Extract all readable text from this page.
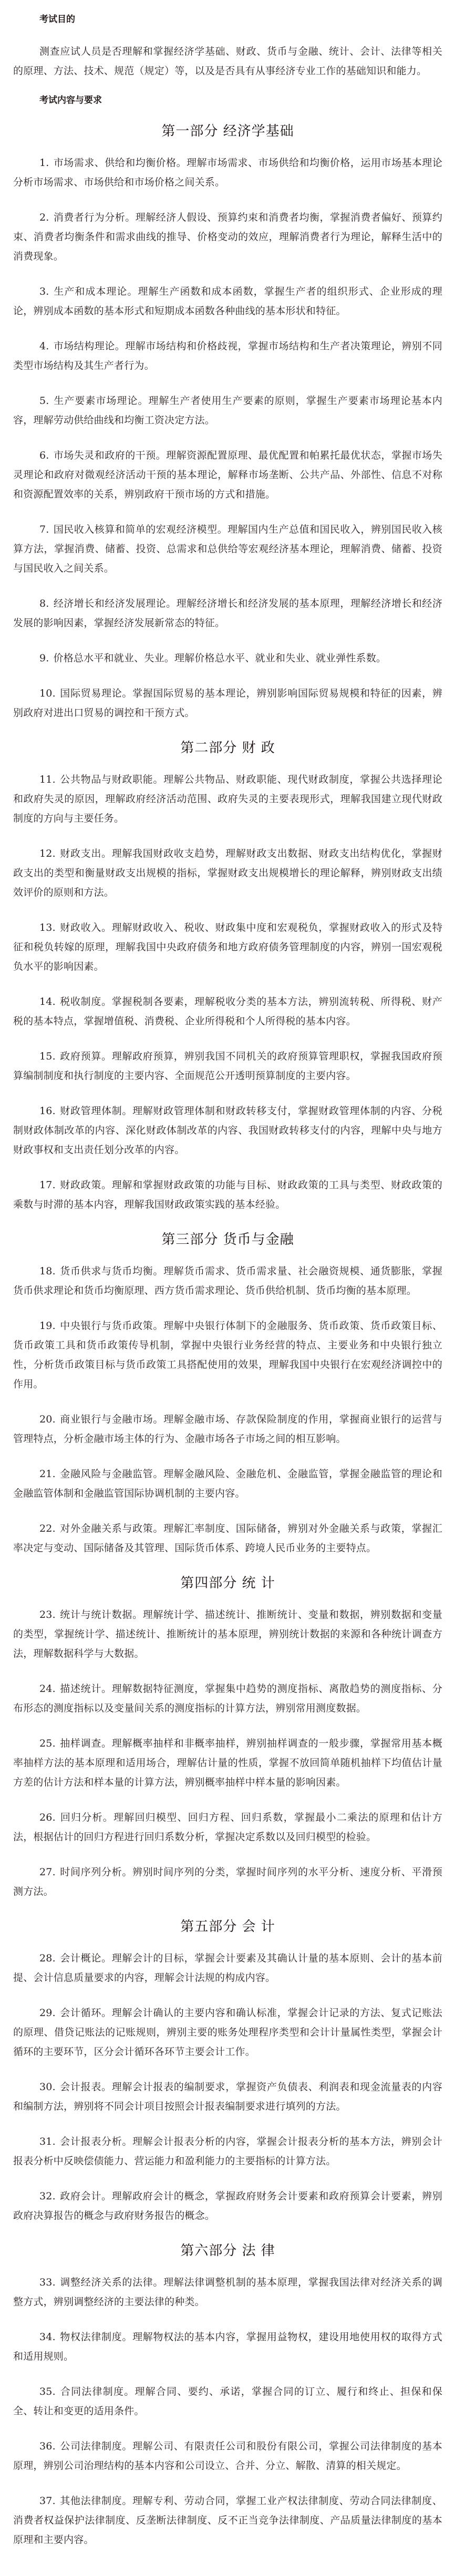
考试目的

测查应试人员是否理解和掌握经济学基础、财政、货币与金融、统计、会计、法律等相关的原理、方法、技术、规范（规定）等，以及是否具有从事经济专业工作的基础知识和能力。

考试内容与要求
第一部分 经济学基础

1. 市场需求、供给和均衡价格。理解市场需求、市场供给和均衡价格，运用市场基本理论分析市场需求、市场供给和市场价格之间关系。

2. 消费者行为分析。理解经济人假设、预算约束和消费者均衡，掌握消费者偏好、预算约束、消费者均衡条件和需求曲线的推导、价格变动的效应，理解消费者行为理论，解释生活中的消费现象。

3. 生产和成本理论。理解生产函数和成本函数，掌握生产者的组织形式、企业形成的理论，辨别成本函数的基本形式和短期成本函数各种曲线的基本形状和特征。

4. 市场结构理论。理解市场结构和价格歧视，掌握市场结构和生产者决策理论，辨别不同类型市场结构及其生产者行为。

5. 生产要素市场理论。理解生产者使用生产要素的原则，掌握生产要素市场理论基本内容，理解劳动供给曲线和均衡工资决定方法。

6. 市场失灵和政府的干预。理解资源配置原理、最优配置和帕累托最优状态，掌握市场失灵理论和政府对微观经济活动干预的基本理论，解释市场垄断、公共产品、外部性、信息不对称和资源配置效率的关系，辨别政府干预市场的方式和措施。

7. 国民收入核算和简单的宏观经济模型。理解国内生产总值和国民收入，辨别国民收入核算方法，掌握消费、储蓄、投资、总需求和总供给等宏观经济基本理论，理解消费、储蓄、投资与国民收入之间关系。

8. 经济增长和经济发展理论。理解经济增长和经济发展的基本原理，理解经济增长和经济发展的影响因素，掌握经济发展新常态的特征。

9. 价格总水平和就业、失业。理解价格总水平、就业和失业、就业弹性系数。

10. 国际贸易理论。掌握国际贸易的基本理论，辨别影响国际贸易规模和特征的因素，辨别政府对进出口贸易的调控和干预方式。

第二部分 财 政

11. 公共物品与财政职能。理解公共物品、财政职能、现代财政制度，掌握公共选择理论和政府失灵的原因，理解政府经济活动范围、政府失灵的主要表现形式，理解我国建立现代财政制度的方向与主要任务。

12. 财政支出。理解我国财政收支趋势，理解财政支出数据、财政支出结构优化，掌握财政支出的类型和衡量财政支出规模的指标，掌握财政支出规模增长的理论解释，辨别财政支出绩效评价的原则和方法。

13. 财政收入。理解财政收入、税收、财政集中度和宏观税负，掌握财政收入的形式及特征和税负转嫁的原理，理解我国中央政府债务和地方政府债务管理制度的内容，辨别一国宏观税负水平的影响因素。

14. 税收制度。掌握税制各要素，理解税收分类的基本方法，辨别流转税、所得税、财产税的基本特点，掌握增值税、消费税、企业所得税和个人所得税的基本内容。

15. 政府预算。理解政府预算，辨别我国不同机关的政府预算管理职权，掌握我国政府预算编制制度和执行制度的主要内容、全面规范公开透明预算制度的主要内容。

16. 财政管理体制。理解财政管理体制和财政转移支付，掌握财政管理体制的内容、分税制财政体制改革的内容、深化财政体制改革的内容、我国财政转移支付的内容，理解中央与地方财政事权和支出责任划分改革的内容。

17. 财政政策。理解和掌握财政政策的功能与目标、财政政策的工具与类型、财政政策的乘数与时滞的基本内容，理解我国财政政策实践的基本经验。

第三部分 货币与金融

18. 货币供求与货币均衡。理解货币需求、货币需求量、社会融资规模、通货膨胀，掌握货币供求理论和货币均衡原理、西方货币需求理论、货币供给机制、货币均衡的基本原理。

19. 中央银行与货币政策。理解中央银行体制下的金融服务、货币政策、货币政策目标、货币政策工具和货币政策传导机制，掌握中央银行业务经营的特点、主要业务和中央银行独立性，分析货币政策目标与货币政策工具搭配使用的效果，理解我国中央银行在宏观经济调控中的作用。

20. 商业银行与金融市场。理解金融市场、存款保险制度的作用，掌握商业银行的运营与管理特点，分析金融市场主体的行为、金融市场各子市场之间的相互影响。

21. 金融风险与金融监管。理解金融风险、金融危机、金融监管，掌握金融监管的理论和金融监管体制和金融监管国际协调机制的主要内容。

22. 对外金融关系与政策。理解汇率制度、国际储备，辨别对外金融关系与政策，掌握汇率决定与变动、国际储备及其管理、国际货币体系、跨境人民币业务的主要特点。

第四部分 统 计

23. 统计与统计数据。理解统计学、描述统计、推断统计、变量和数据，辨别数据和变量的类型，掌握统计学、描述统计、推断统计的基本原理，辨别统计数据的来源和各种统计调查方法，理解数据科学与大数据。

24. 描述统计。理解数据特征测度，掌握集中趋势的测度指标、离散趋势的测度指标、分布形态的测度指标以及变量间关系的测度指标的计算方法，辨别常用测度数据。

25. 抽样调查。理解概率抽样和非概率抽样，辨别抽样调查的一般步骤，掌握常用基本概率抽样方法的基本原理和适用场合，理解估计量的性质，掌握不放回简单随机抽样下均值估计量方差的估计方法和样本量的计算方法，辨别概率抽样中样本量的影响因素。

26. 回归分析。理解回归模型、回归方程、回归系数，掌握最小二乘法的原理和估计方法，根据估计的回归方程进行回归系数分析，掌握决定系数以及回归模型的检验。

27. 时间序列分析。辨别时间序列的分类，掌握时间序列的水平分析、速度分析、平滑预测方法。

第五部分 会 计

28. 会计概论。理解会计的目标，掌握会计要素及其确认计量的基本原则、会计的基本前提、会计信息质量要求的内容，理解会计法规的构成内容。

29. 会计循环。理解会计确认的主要内容和确认标准，掌握会计记录的方法、复式记账法的原理、借贷记账法的记账规则，辨别主要的账务处理程序类型和会计计量属性类型，掌握会计循环的主要环节，区分会计循环各环节主要会计工作。

30. 会计报表。理解会计报表的编制要求，掌握资产负债表、利润表和现金流量表的内容和编制方法，辨别将不同会计项目按照会计报表编制要求进行填列的方法。

31. 会计报表分析。理解会计报表分析的内容，掌握会计报表分析的基本方法，辨别会计报表分析中反映偿债能力、营运能力和盈利能力的主要指标的计算方法。

32. 政府会计。理解政府会计的概念，掌握政府财务会计要素和政府预算会计要素，辨别政府决算报告的概念与政府财务报告的概念。

第六部分 法 律

33. 调整经济关系的法律。理解法律调整机制的基本原理，掌握我国法律对经济关系的调整方式，辨别调整经济的主要法律的种类。

34. 物权法律制度。理解物权法的基本内容，掌握用益物权，建设用地使用权的取得方式和适用规则。

35. 合同法律制度。理解合同、要约、承诺，掌握合同的订立、履行和终止、担保和保全、转让和变更的适用条件。

36. 公司法律制度。理解公司、有限责任公司和股份有限公司，掌握公司法律制度的基本原理，辨别公司治理结构的基本内容和公司设立、合并、分立、解散、清算的相关规定。

37. 其他法律制度。理解专利、劳动合同，掌握工业产权法律制度、劳动合同法律制度、消费者权益保护法律制度、反垄断法律制度、反不正当竞争法律制度、产品质量法律制度的基本原理和主要内容。
